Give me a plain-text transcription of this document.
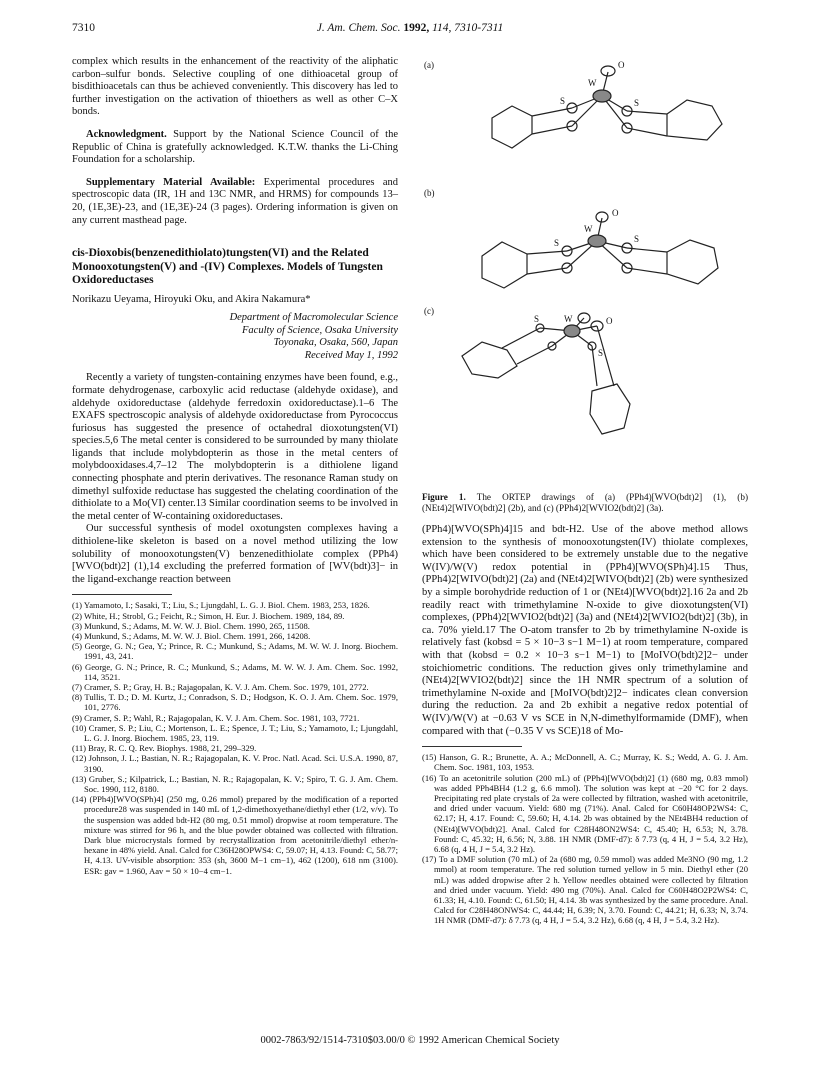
7310	J. Am. Chem. Soc. 1992, 114, 7310-7311

complex which results in the enhancement of the reactivity of the aliphatic carbon–sulfur bonds. Selective coupling of one dithioacetal group of bisdithioacetals can thus be achieved conveniently. This discovery has led to further investigation on the activation of thioethers as well as other C–X bonds.

Acknowledgment. Support by the National Science Council of the Republic of China is gratefully acknowledged. K.T.W. thanks the Li-Ching Foundation for a scholarship.

Supplementary Material Available: Experimental procedures and spectroscopic data (IR, 1H and 13C NMR, and HRMS) for compounds 13–20, (1E,3E)-23, and (1E,3E)-24 (3 pages). Ordering information is given on any current masthead page.

cis-Dioxobis(benzenedithiolato)tungsten(VI) and the Related Monooxotungsten(V) and -(IV) Complexes. Models of Tungsten Oxidoreductases

Norikazu Ueyama, Hiroyuki Oku, and Akira Nakamura*

Department of Macromolecular Science
Faculty of Science, Osaka University
Toyonaka, Osaka, 560, Japan
Received May 1, 1992

Recently a variety of tungsten-containing enzymes have been found, e.g., formate dehydrogenase, carboxylic acid reductase (aldehyde oxidase), and aldehyde oxidoreductase (aldehyde ferredoxin oxidoreductase).1–6 The EXAFS spectroscopic analysis of aldehyde oxidoreductase from Pyrococcus furiosus has suggested the presence of octahedral dioxotungsten(VI) species.5,6 The metal center is considered to be surrounded by many thiolate ligands that include molybdopterin as those in the metal centers of molybdooxidases.4,7–12 The molybdopterin is a dithiolene ligand connecting phosphate and pterin derivatives. The resonance Raman study on dimethyl sulfoxide reductase has suggested the chelating coordination of the dithiolate to a Mo(VI) center.13 Similar coordination seems to be involved in the metal center of W-containing oxidoreductases.

Our successful synthesis of model oxotungsten complexes having a dithiolene-like skeleton is based on a novel method utilizing the low solubility of monooxotungsten(V) benzenedithiolate complex (PPh4)[WVO(bdt)2] (1),14 excluding the preferred formation of [WV(bdt)3]− in the ligand-exchange reaction between

(1) Yamamoto, I.; Sasaki, T.; Liu, S.; Ljungdahl, L. G. J. Biol. Chem. 1983, 253, 1826.

(2) White, H.; Strobl, G.; Feicht, R.; Simon, H. Eur. J. Biochem. 1989, 184, 89.

(3) Munkund, S.; Adams, M. W. W. J. Biol. Chem. 1990, 265, 11508.

(4) Munkund, S.; Adams, M. W. W. J. Biol. Chem. 1991, 266, 14208.

(5) George, G. N.; Gea, Y.; Prince, R. C.; Munkund, S.; Adams, M. W. W. J. Inorg. Biochem. 1991, 43, 241.

(6) George, G. N.; Prince, R. C.; Munkund, S.; Adams, M. W. W. J. Am. Chem. Soc. 1992, 114, 3521.

(7) Cramer, S. P.; Gray, H. B.; Rajagopalan, K. V. J. Am. Chem. Soc. 1979, 101, 2772.

(8) Tullis, T. D.; D. M. Kurtz, J.; Conradson, S. D.; Hodgson, K. O. J. Am. Chem. Soc. 1979, 101, 2776.

(9) Cramer, S. P.; Wahl, R.; Rajagopalan, K. V. J. Am. Chem. Soc. 1981, 103, 7721.

(10) Cramer, S. P.; Liu, C.; Mortenson, L. E.; Spence, J. T.; Liu, S.; Yamamoto, I.; Ljungdahl, L. G. J. Inorg. Biochem. 1985, 23, 119.

(11) Bray, R. C. Q. Rev. Biophys. 1988, 21, 299–329.

(12) Johnson, J. L.; Bastian, N. R.; Rajagopalan, K. V. Proc. Natl. Acad. Sci. U.S.A. 1990, 87, 3190.

(13) Gruber, S.; Kilpatrick, L.; Bastian, N. R.; Rajagopalan, K. V.; Spiro, T. G. J. Am. Chem. Soc. 1990, 112, 8180.

(14) (PPh4)[WVO(SPh)4] (250 mg, 0.26 mmol) prepared by the modification of a reported procedure28 was suspended in 140 mL of 1,2-dimethoxyethane/diethyl ether (1/2, v/v). To the suspension was added bdt-H2 (80 mg, 0.51 mmol) dropwise at room temperature. The mixture was stirred for 96 h, and the blue powder obtained was collected with filtration. Dark blue microcrystals formed by recrystallization from acetonitrile/diethyl ether/n-hexane in 48% yield. Anal. Calcd for C36H28OPWS4: C, 59.07; H, 4.13. Found: C, 58.77; H, 4.13. UV-visible absorption: 353 (sh, 3600 M−1 cm−1), 462 (1200), 618 nm (3100). ESR: gav = 1.960, Aav = 50 × 10−4 cm−1.

(a)
(b)
(c)
W
O
S	S
W
O
S	S
W	O
S
S

Figure 1. The ORTEP drawings of (a) (PPh4)[WVO(bdt)2] (1), (b) (NEt4)2[WIVO(bdt)2] (2b), and (c) (PPh4)2[WVIO2(bdt)2] (3a).

(PPh4)[WVO(SPh)4]15 and bdt-H2. Use of the above method allows extension to the synthesis of monooxotungsten(IV) thiolate complexes, which have been considered to be extremely unstable due to the negative W(IV)/W(V) redox potential in (PPh4)[WVO(SPh)4].15 Thus, (PPh4)2[WIVO(bdt)2] (2a) and (NEt4)2[WIVO(bdt)2] (2b) were synthesized by a simple borohydride reduction of 1 or (NEt4)[WVO(bdt)2].16 2a and 2b readily react with trimethylamine N-oxide to give dioxotungsten(VI) complexes, (PPh4)2[WVIO2(bdt)2] (3a) and (NEt4)2[WVIO2(bdt)2] (3b), in ca. 70% yield.17 The O-atom transfer to 2b by trimethylamine N-oxide is relatively fast (kobsd = 5 × 10−3 s−1 M−1) at room temperature, compared with that (kobsd = 0.2 × 10−3 s−1 M−1) to [MoIVO(bdt)2]2− under stoichiometric conditions. The reduction gives only trimethylamine and (NEt4)2[WVIO2(bdt)2] since the 1H NMR spectrum of a solution of trimethylamine N-oxide and [MoIVO(bdt)2]2− indicates clean conversion during the reduction. 2a and 2b exhibit a negative redox potential of W(IV)/W(V) at −0.63 V vs SCE in N,N-dimethylformamide (DMF), when compared with that (−0.35 V vs SCE)18 of Mo-

(15) Hanson, G. R.; Brunette, A. A.; McDonnell, A. C.; Murray, K. S.; Wedd, A. G. J. Am. Chem. Soc. 1981, 103, 1953.

(16) To an acetonitrile solution (200 mL) of (PPh4)[WVO(bdt)2] (1) (680 mg, 0.83 mmol) was added PPh4BH4 (1.2 g, 6.6 mmol). The solution was kept at −20 °C for 2 days. Precipitating red plate crystals of 2a were collected by filtration, washed with acetonitrile, and dried under vacuum. Yield: 680 mg (71%). Anal. Calcd for C60H48OP2WS4: C, 62.17; H, 4.17. Found: C, 59.60; H, 4.14. 2b was obtained by the NEt4BH4 reduction of (NEt4)[WVO(bdt)2]. Anal. Calcd for C28H48ON2WS4: C, 45.40; H, 6.53; N, 3.78. Found: C, 45.32; H, 6.56; N, 3.88. 1H NMR (DMF-d7): δ 7.73 (q, 4 H, J = 5.4, 3.2 Hz), 6.68 (q, 4 H, J = 5.4, 3.2 Hz).

(17) To a DMF solution (70 mL) of 2a (680 mg, 0.59 mmol) was added Me3NO (90 mg, 1.2 mmol) at room temperature. The red solution turned yellow in 5 min. Diethyl ether (20 mL) was added dropwise after 2 h. Yellow needles obtained were collected by filtration and dried under vacuum. Yield: 490 mg (70%). Anal. Calcd for C60H48O2P2WS4: C, 61.33; H, 4.10. Found: C, 61.50; H, 4.14. 3b was synthesized by the same procedure. Anal. Calcd for C28H48ONWS4: C, 44.44; H, 6.39; N, 3.70. Found: C, 44.21; H, 6.33; N, 3.74. 1H NMR (DMF-d7): δ 7.73 (q, 4 H, J = 5.4, 3.2 Hz), 6.68 (q, 4 H, J = 5.4, 3.2 Hz).

0002-7863/92/1514-7310$03.00/0 © 1992 American Chemical Society
